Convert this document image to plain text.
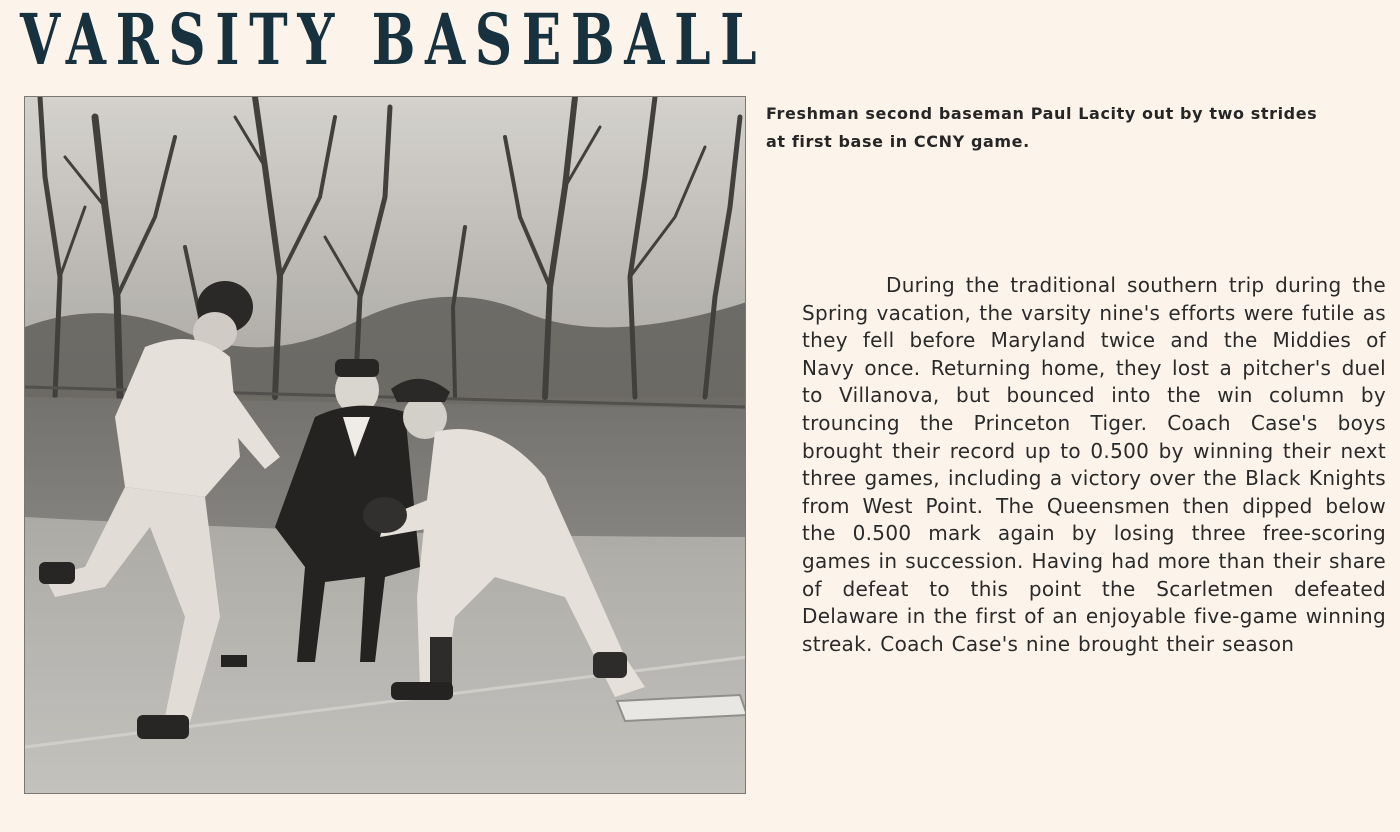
VARSITY BASEBALL

Freshman second baseman Paul Lacity out by two strides at first base in CCNY game.

During the traditional southern trip during the Spring vacation, the varsity nine's efforts were futile as they fell before Maryland twice and the Middies of Navy once. Returning home, they lost a pitcher's duel to Villanova, but bounced into the win column by trouncing the Princeton Tiger. Coach Case's boys brought their record up to 0.500 by winning their next three games, including a victory over the Black Knights from West Point. The Queensmen then dipped below the 0.500 mark again by losing three free-scoring games in succession. Having had more than their share of defeat to this point the Scarletmen defeated Delaware in the first of an enjoyable five-game winning streak. Coach Case's nine brought their season
